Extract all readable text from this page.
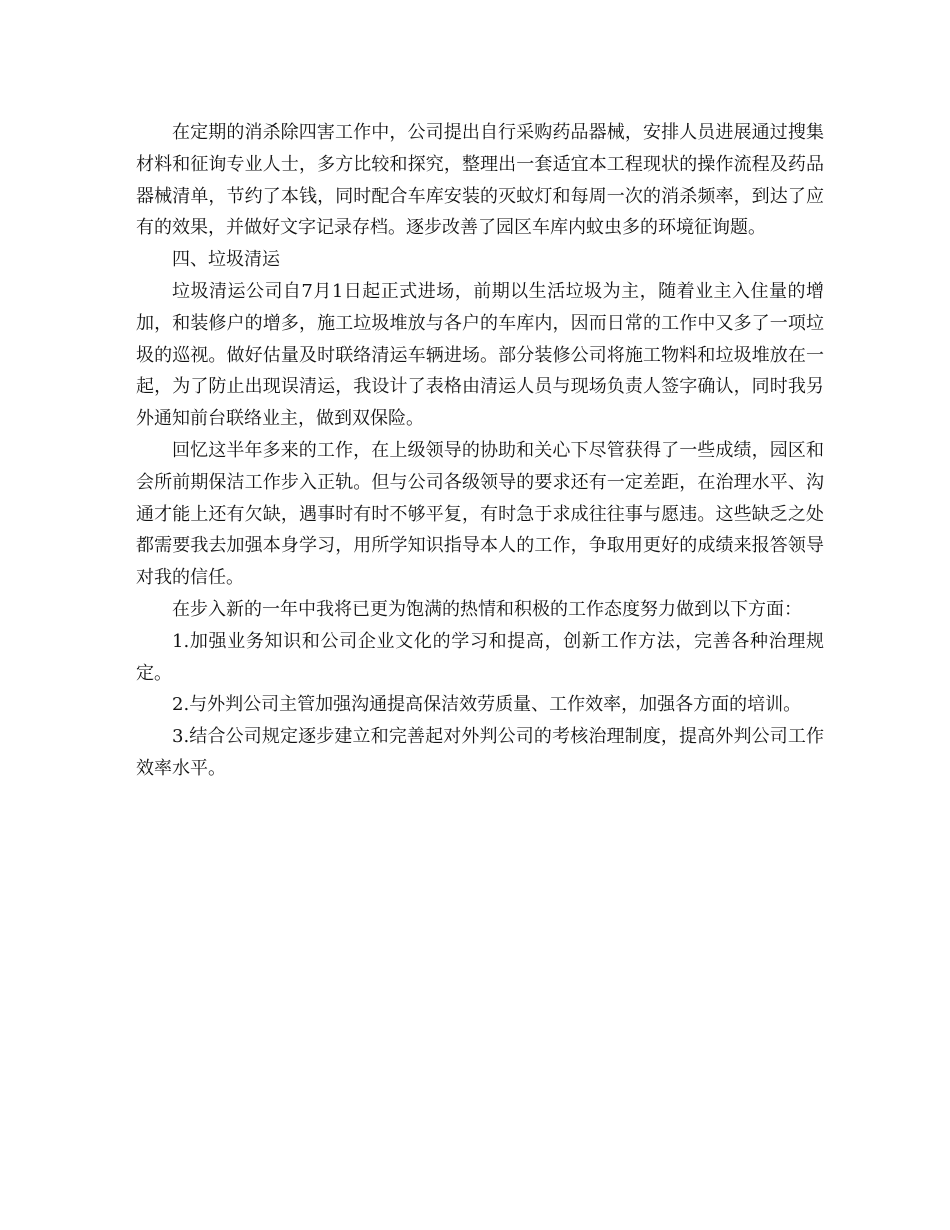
在定期的消杀除四害工作中，公司提出自行采购药品器械，安排人员进展通过搜集材料和征询专业人士，多方比较和探究，整理出一套适宜本工程现状的操作流程及药品器械清单，节约了本钱，同时配合车库安装的灭蚊灯和每周一次的消杀频率，到达了应有的效果，并做好文字记录存档。逐步改善了园区车库内蚊虫多的环境征询题。

四、垃圾清运

垃圾清运公司自7月1日起正式进场，前期以生活垃圾为主，随着业主入住量的增加，和装修户的增多，施工垃圾堆放与各户的车库内，因而日常的工作中又多了一项垃圾的巡视。做好估量及时联络清运车辆进场。部分装修公司将施工物料和垃圾堆放在一起，为了防止出现误清运，我设计了表格由清运人员与现场负责人签字确认，同时我另外通知前台联络业主，做到双保险。

回忆这半年多来的工作，在上级领导的协助和关心下尽管获得了一些成绩，园区和会所前期保洁工作步入正轨。但与公司各级领导的要求还有一定差距，在治理水平、沟通才能上还有欠缺，遇事时有时不够平复，有时急于求成往往事与愿违。这些缺乏之处都需要我去加强本身学习，用所学知识指导本人的工作，争取用更好的成绩来报答领导对我的信任。

在步入新的一年中我将已更为饱满的热情和积极的工作态度努力做到以下方面：

1.加强业务知识和公司企业文化的学习和提高，创新工作方法，完善各种治理规定。

2.与外判公司主管加强沟通提高保洁效劳质量、工作效率，加强各方面的培训。

3.结合公司规定逐步建立和完善起对外判公司的考核治理制度，提高外判公司工作效率水平。
